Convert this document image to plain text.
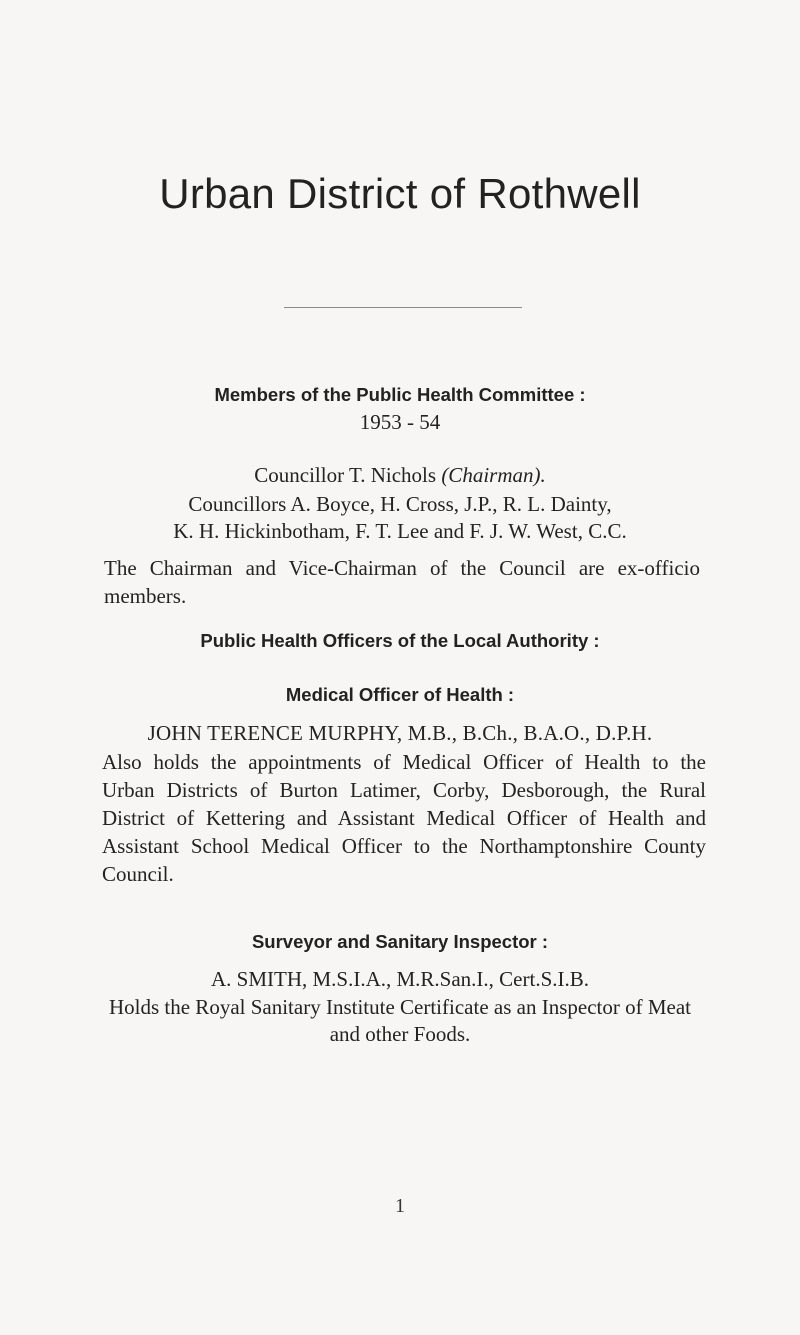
Urban District of Rothwell

Members of the Public Health Committee :

1953 - 54

Councillor T. Nichols (Chairman).

Councillors A. Boyce, H. Cross, J.P., R. L. Dainty,

K. H. Hickinbotham, F. T. Lee and F. J. W. West, C.C.

The Chairman and Vice-Chairman of the Council are ex-officio
members.

Public Health Officers of the Local Authority :

Medical Officer of Health :

JOHN TERENCE MURPHY, M.B., B.Ch., B.A.O., D.P.H.

Also holds the appointments of Medical Officer of Health to the
Urban Districts of Burton Latimer, Corby, Desborough, the Rural
District of Kettering and Assistant Medical Officer of Health and
Assistant School Medical Officer to the Northamptonshire County
Council.

Surveyor and Sanitary Inspector :

A. SMITH, M.S.I.A., M.R.San.I., Cert.S.I.B.

Holds the Royal Sanitary Institute Certificate as an Inspector of Meat

and other Foods.

1
